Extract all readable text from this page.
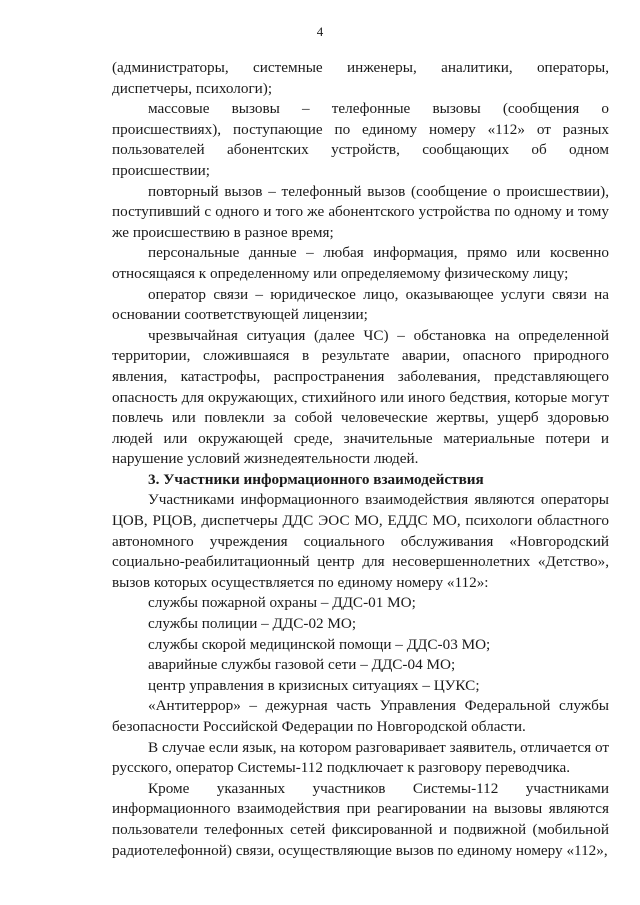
4

(администраторы, системные инженеры, аналитики, операторы, диспетчеры, психологи);

массовые вызовы – телефонные вызовы (сообщения о происшествиях), поступающие по единому номеру «112» от разных пользователей абонентских устройств, сообщающих об одном происшествии;

повторный вызов – телефонный вызов (сообщение о происшествии), поступивший с одного и того же абонентского устройства по одному и тому же происшествию в разное время;

персональные данные – любая информация, прямо или косвенно относящаяся к определенному или определяемому физическому лицу;

оператор связи – юридическое лицо, оказывающее услуги связи на основании соответствующей лицензии;

чрезвычайная ситуация (далее ЧС) – обстановка на определенной территории, сложившаяся в результате аварии, опасного природного явления, катастрофы, распространения заболевания, представляющего опасность для окружающих, стихийного или иного бедствия, которые могут повлечь или повлекли за собой человеческие жертвы, ущерб здоровью людей или окружающей среде, значительные материальные потери и нарушение условий жизнедеятельности людей.

3. Участники информационного взаимодействия

Участниками информационного взаимодействия являются операторы ЦОВ, РЦОВ, диспетчеры ДДС ЭОС МО, ЕДДС МО, психологи областного автономного учреждения социального обслуживания «Новгородский социально-реабилитационный центр для несовершеннолетних «Детство», вызов которых осуществляется по единому номеру «112»:

службы пожарной охраны – ДДС-01 МО;

службы полиции – ДДС-02 МО;

службы скорой медицинской помощи – ДДС-03 МО;

аварийные службы газовой сети – ДДС-04 МО;

центр управления в кризисных ситуациях – ЦУКС;

«Антитеррор» – дежурная часть Управления Федеральной службы безопасности Российской Федерации по Новгородской области.

В случае если язык, на котором разговаривает заявитель, отличается от русского, оператор Системы-112 подключает к разговору переводчика.

Кроме указанных участников Системы-112 участниками информационного взаимодействия при реагировании на вызовы являются пользователи телефонных сетей фиксированной и подвижной (мобильной радиотелефонной) связи, осуществляющие вызов по единому номеру «112»,
